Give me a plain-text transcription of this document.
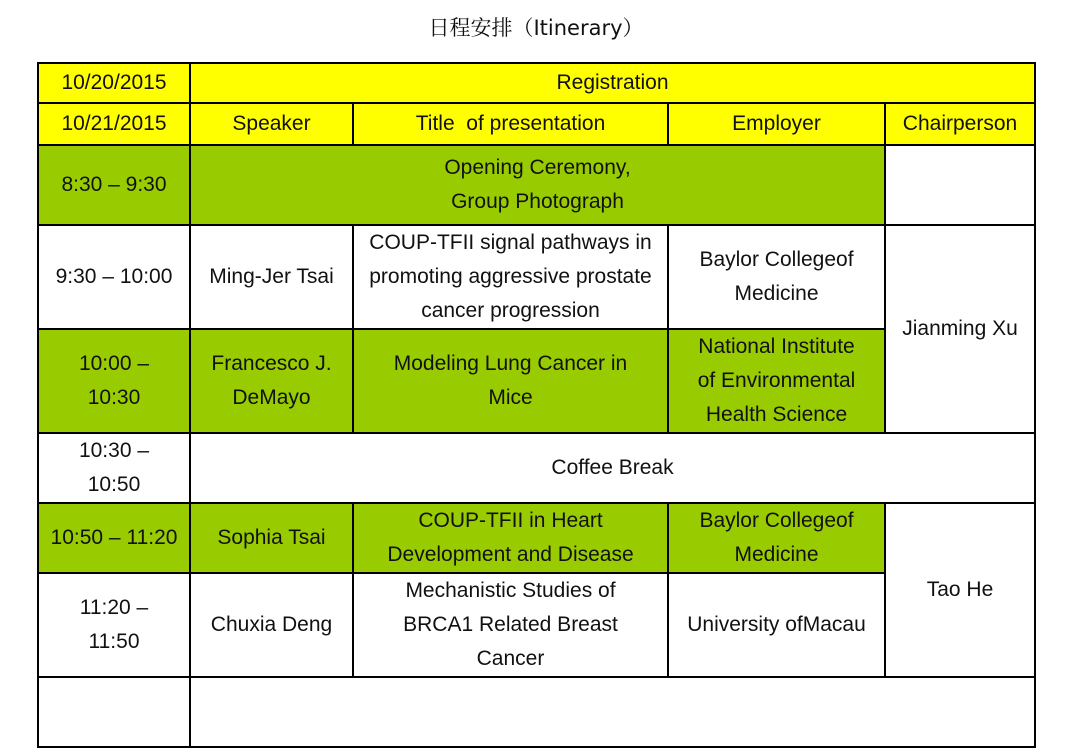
日程安排（Itinerary）
10/20/2015	Registration			
10/21/2015	Speaker	Title  of presentation	Employer	Chairperson
8:30 – 9:30	Opening Ceremony,
Group Photograph			

9:30 – 10:00	Ming-Jer Tsai	COUP-TFII signal pathways in
promoting aggressive prostate
cancer progression	Baylor Collegeof
Medicine	Jianming Xu

10:00 –
10:30	Francesco J.
DeMayo	Modeling Lung Cancer in
Mice	National Institute
of Environmental
Health Science	

10:30 –
10:50	Coffee Break			
10:50 – 11:20	Sophia Tsai	COUP-TFII in Heart
Development and Disease	Baylor Collegeof
Medicine	Tao He

11:20 –
11:50	Chuxia Deng	Mechanistic Studies of
BRCA1 Related Breast
Cancer	University ofMacau	
